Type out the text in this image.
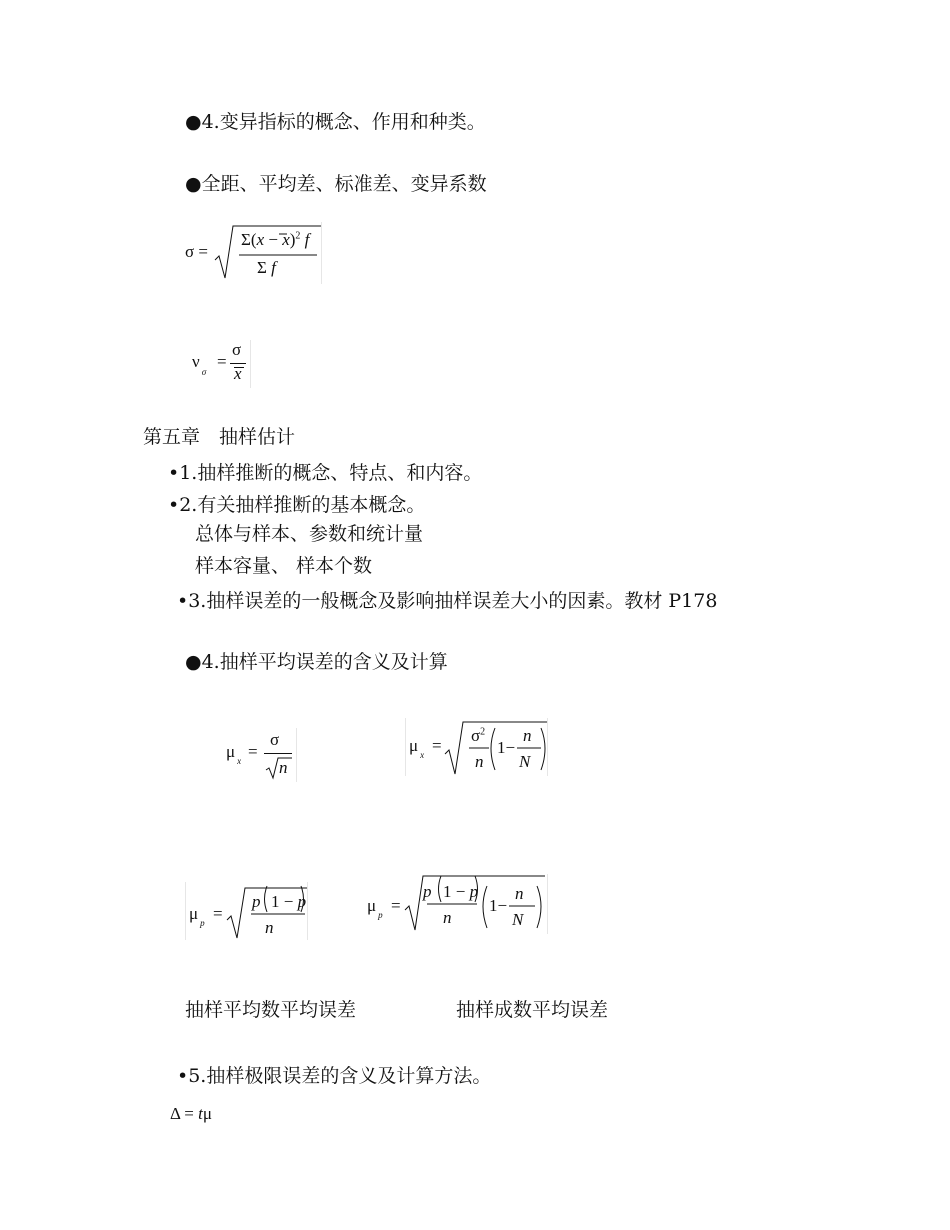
●4.变异指标的概念、作用和种类。
●全距、平均差、标准差、变异系数
σ =
$\Sigma(x - x)^2$ f
Σ f
$\nu_\sigma$
=
σ
x
第五章　抽样估计
•1.抽样推断的概念、特点、和内容。
•2.有关抽样推断的基本概念。
总体与样本、参数和统计量
样本容量、 样本个数
•3.抽样误差的一般概念及影响抽样误差大小的因素。教材 P178
●4.抽样平均误差的含义及计算
μ $_x$ =
σ
n
μ $_x$ =
$\sigma^2$
n
1−
n
N
μ $_p$ =
p 1 − p
n
μ $_p$ =
p 1 − p
n
1−
n
N
抽样平均数平均误差	抽样成数平均误差
•5.抽样极限误差的含义及计算方法。
Δ = tμ
